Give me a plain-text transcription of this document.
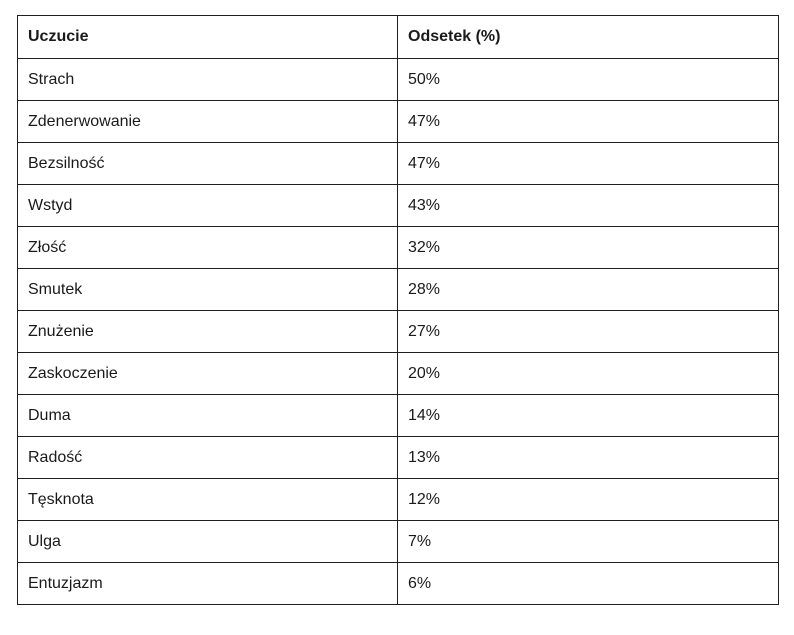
Uczucie	Odsetek (%)
Strach	50%
Zdenerwowanie	47%
Bezsilność	47%
Wstyd	43%
Złość	32%
Smutek	28%
Znużenie	27%
Zaskoczenie	20%
Duma	14%
Radość	13%
Tęsknota	12%
Ulga	7%
Entuzjazm	6%
